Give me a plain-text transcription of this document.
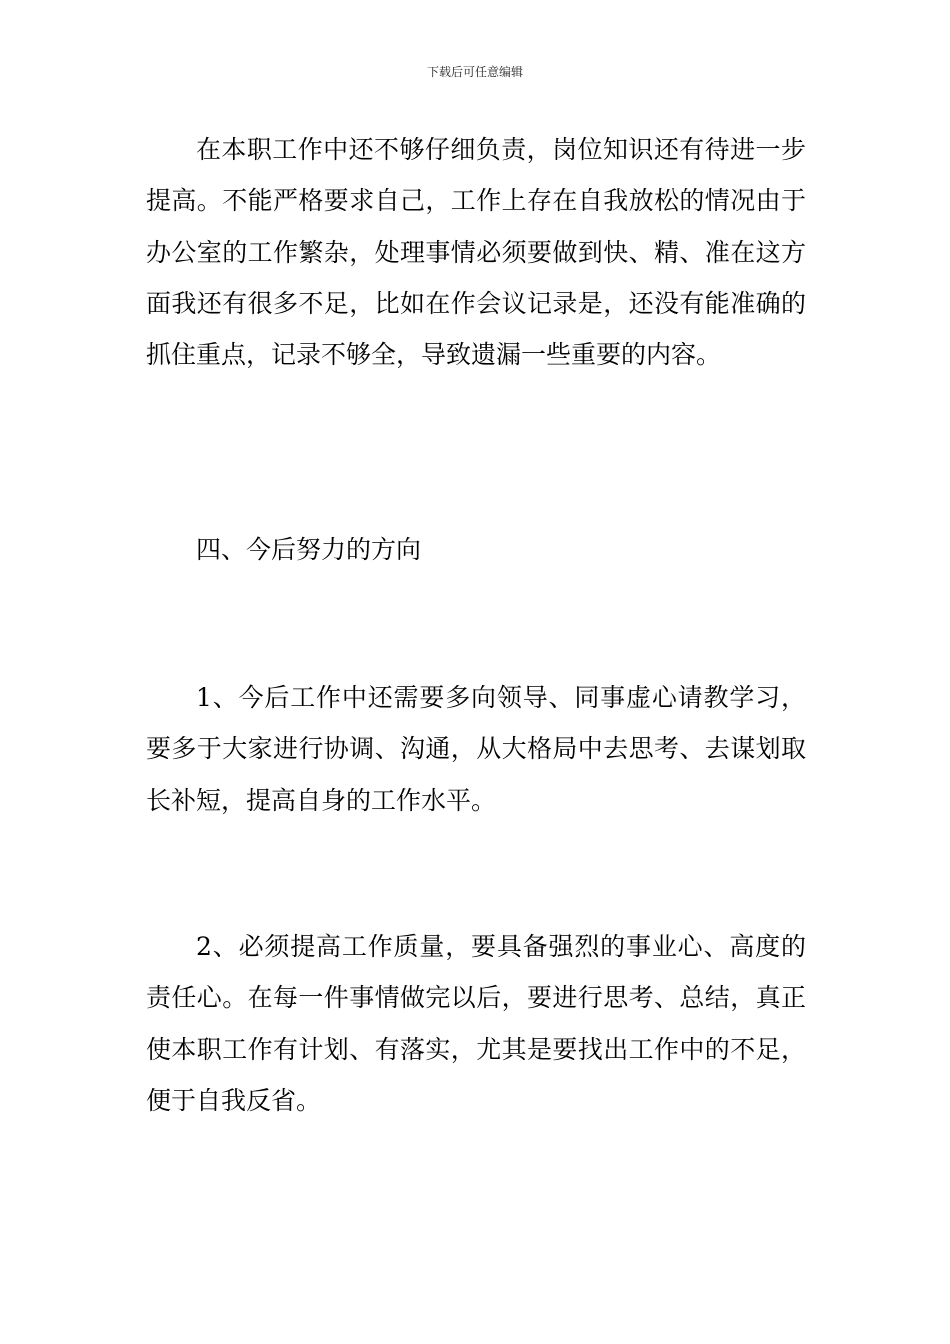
下载后可任意编辑

在本职工作中还不够仔细负责，岗位知识还有待进一步提高。不能严格要求自己，工作上存在自我放松的情况由于办公室的工作繁杂，处理事情必须要做到快、精、准在这方面我还有很多不足，比如在作会议记录是，还没有能准确的抓住重点，记录不够全，导致遗漏一些重要的内容。

四、今后努力的方向

1、今后工作中还需要多向领导、同事虚心请教学习，要多于大家进行协调、沟通，从大格局中去思考、去谋划取长补短，提高自身的工作水平。

2、必须提高工作质量，要具备强烈的事业心、高度的责任心。在每一件事情做完以后，要进行思考、总结，真正使本职工作有计划、有落实，尤其是要找出工作中的不足，便于自我反省。
